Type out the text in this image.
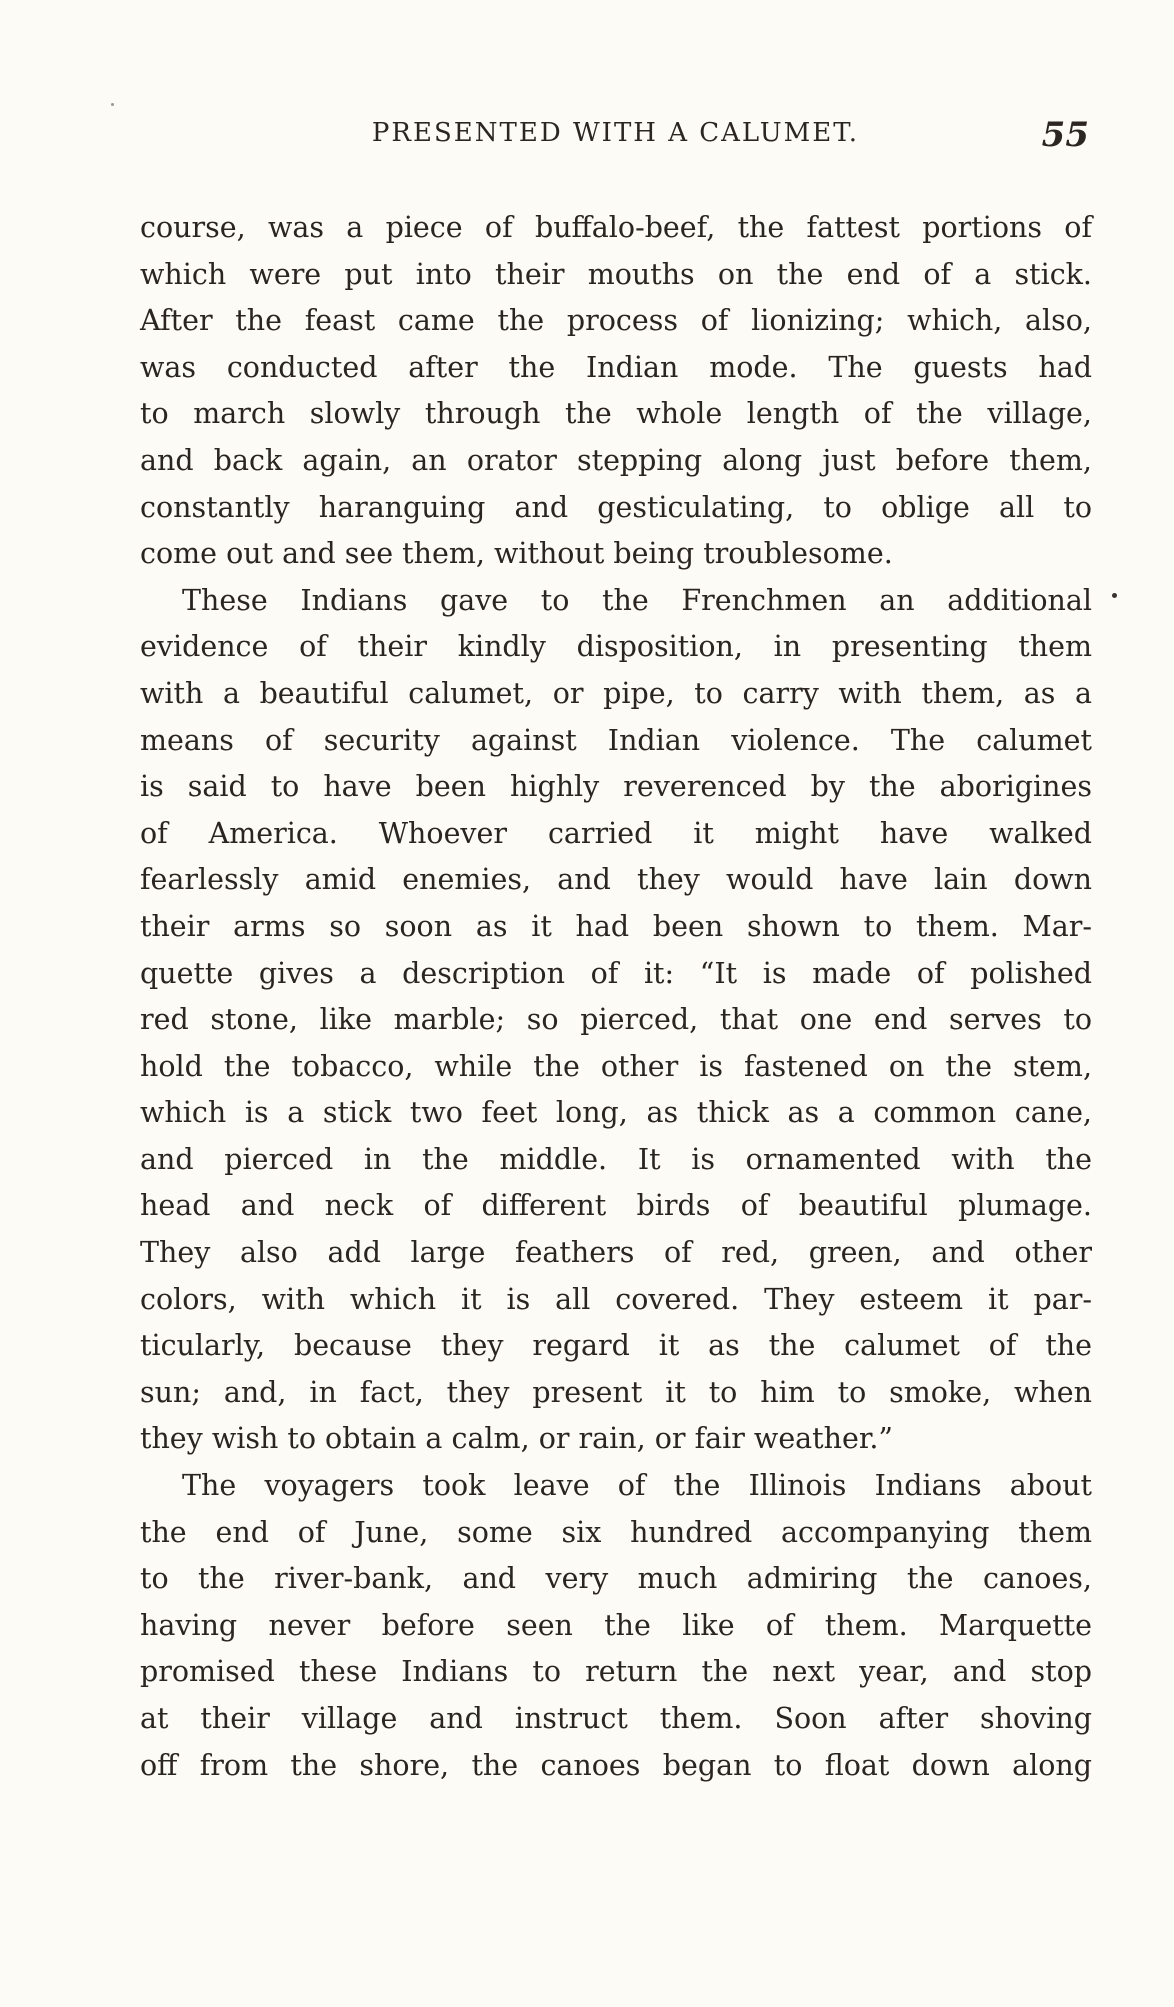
PRESENTED WITH A CALUMET.	55
course, was a piece of buffalo-beef, the fattest portions of
which were put into their mouths on the end of a stick.
After the feast came the process of lionizing; which, also,
was conducted after the Indian mode. The guests had
to march slowly through the whole length of the village,
and back again, an orator stepping along just before them,
constantly haranguing and gesticulating, to oblige all to
come out and see them, without being troublesome.
These Indians gave to the Frenchmen an additional
evidence of their kindly disposition, in presenting them
with a beautiful calumet, or pipe, to carry with them, as a
means of security against Indian violence. The calumet
is said to have been highly reverenced by the aborigines
of America. Whoever carried it might have walked
fearlessly amid enemies, and they would have lain down
their arms so soon as it had been shown to them. Mar-
quette gives a description of it: “It is made of polished
red stone, like marble; so pierced, that one end serves to
hold the tobacco, while the other is fastened on the stem,
which is a stick two feet long, as thick as a common cane,
and pierced in the middle. It is ornamented with the
head and neck of different birds of beautiful plumage.
They also add large feathers of red, green, and other
colors, with which it is all covered. They esteem it par-
ticularly, because they regard it as the calumet of the
sun; and, in fact, they present it to him to smoke, when
they wish to obtain a calm, or rain, or fair weather.”
The voyagers took leave of the Illinois Indians about
the end of June, some six hundred accompanying them
to the river-bank, and very much admiring the canoes,
having never before seen the like of them. Marquette
promised these Indians to return the next year, and stop
at their village and instruct them. Soon after shoving
off from the shore, the canoes began to float down along
